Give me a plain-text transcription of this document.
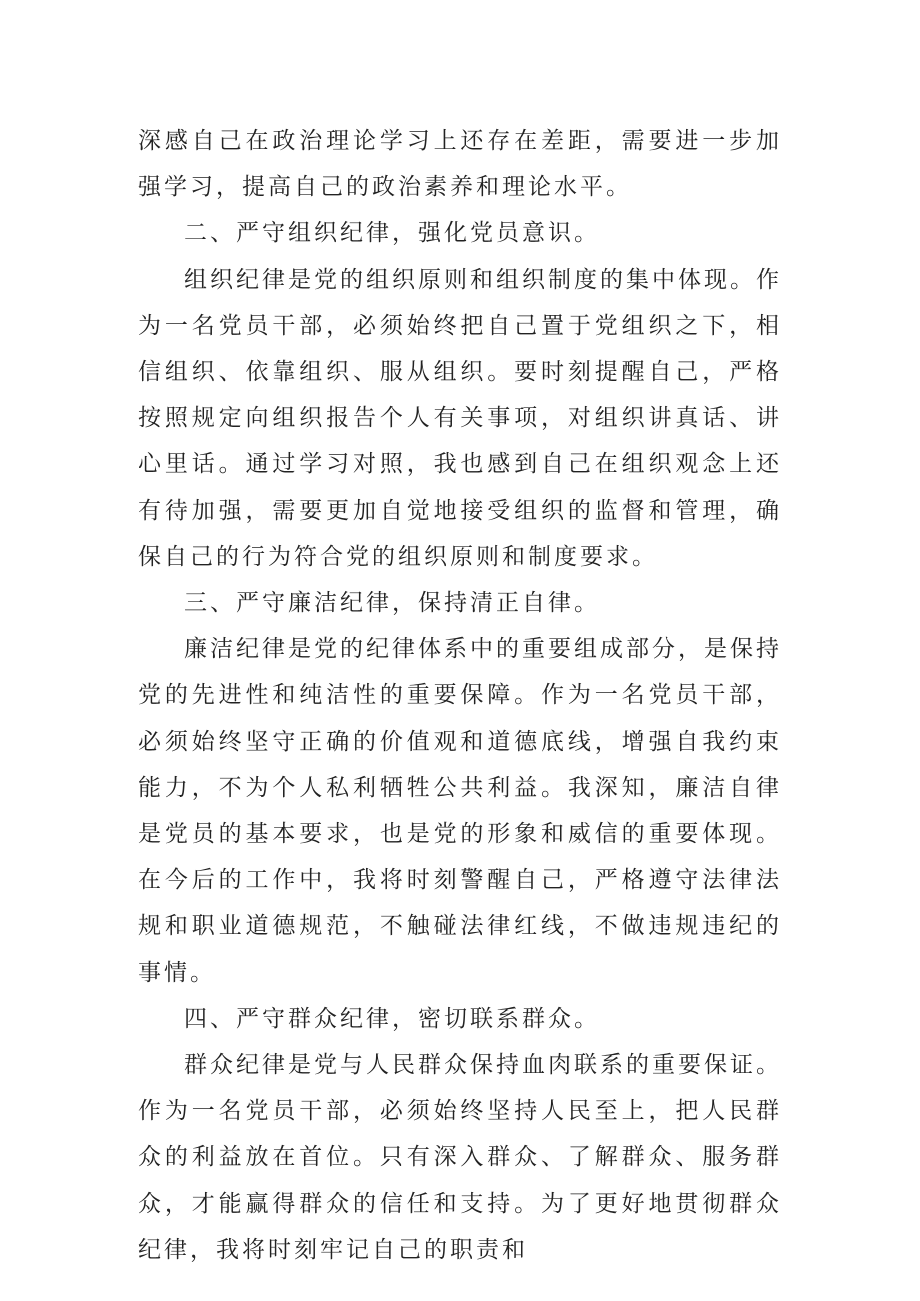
深感自己在政治理论学习上还存在差距，需要进一步加强学习，提高自己的政治素养和理论水平。

二、严守组织纪律，强化党员意识。

组织纪律是党的组织原则和组织制度的集中体现。作为一名党员干部，必须始终把自己置于党组织之下，相信组织、依靠组织、服从组织。要时刻提醒自己，严格按照规定向组织报告个人有关事项，对组织讲真话、讲心里话。通过学习对照，我也感到自己在组织观念上还有待加强，需要更加自觉地接受组织的监督和管理，确保自己的行为符合党的组织原则和制度要求。

三、严守廉洁纪律，保持清正自律。

廉洁纪律是党的纪律体系中的重要组成部分，是保持党的先进性和纯洁性的重要保障。作为一名党员干部，必须始终坚守正确的价值观和道德底线，增强自我约束能力，不为个人私利牺牲公共利益。我深知，廉洁自律是党员的基本要求，也是党的形象和威信的重要体现。在今后的工作中，我将时刻警醒自己，严格遵守法律法规和职业道德规范，不触碰法律红线，不做违规违纪的事情。

四、严守群众纪律，密切联系群众。

群众纪律是党与人民群众保持血肉联系的重要保证。作为一名党员干部，必须始终坚持人民至上，把人民群众的利益放在首位。只有深入群众、了解群众、服务群众，才能赢得群众的信任和支持。为了更好地贯彻群众纪律，我将时刻牢记自己的职责和
